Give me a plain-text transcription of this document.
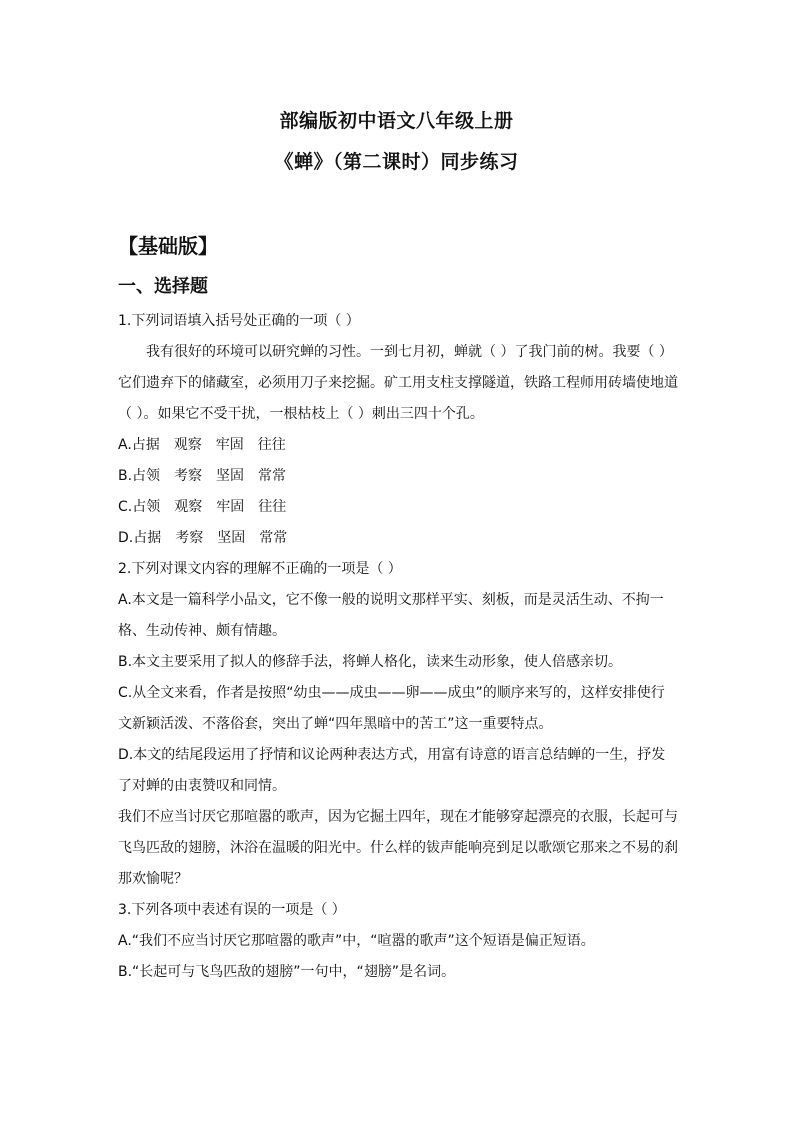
部编版初中语文八年级上册
《蝉》（第二课时）同步练习
【基础版】
一、选择题

1.下列词语填入括号处正确的一项（ ）

我有很好的环境可以研究蝉的习性。一到七月初，蝉就（ ）了我门前的树。我要（ ）它们遗弃下的储藏室，必须用刀子来挖掘。矿工用支柱支撑隧道，铁路工程师用砖墙使地道（ ）。如果它不受干扰，一根枯枝上（ ）刺出三四十个孔。

A.占据　观察　牢固　往往

B.占领　考察　坚固　常常

C.占领　观察　牢固　往往

D.占据　考察　坚固　常常

2.下列对课文内容的理解不正确的一项是（ ）

A.本文是一篇科学小品文，它不像一般的说明文那样平实、刻板，而是灵活生动、不拘一格、生动传神、颇有情趣。

B.本文主要采用了拟人的修辞手法，将蝉人格化，读来生动形象，使人倍感亲切。

C.从全文来看，作者是按照“幼虫——成虫——卵——成虫”的顺序来写的，这样安排使行文新颖活泼、不落俗套，突出了蝉“四年黑暗中的苦工”这一重要特点。

D.本文的结尾段运用了抒情和议论两种表达方式，用富有诗意的语言总结蝉的一生，抒发了对蝉的由衷赞叹和同情。

我们不应当讨厌它那喧嚣的歌声，因为它掘土四年，现在才能够穿起漂亮的衣服，长起可与飞鸟匹敌的翅膀，沐浴在温暖的阳光中。什么样的钹声能响亮到足以歌颂它那来之不易的刹那欢愉呢？

3.下列各项中表述有误的一项是（ ）

A.“我们不应当讨厌它那喧嚣的歌声”中，“喧嚣的歌声”这个短语是偏正短语。

B.“长起可与飞鸟匹敌的翅膀”一句中，“翅膀”是名词。
